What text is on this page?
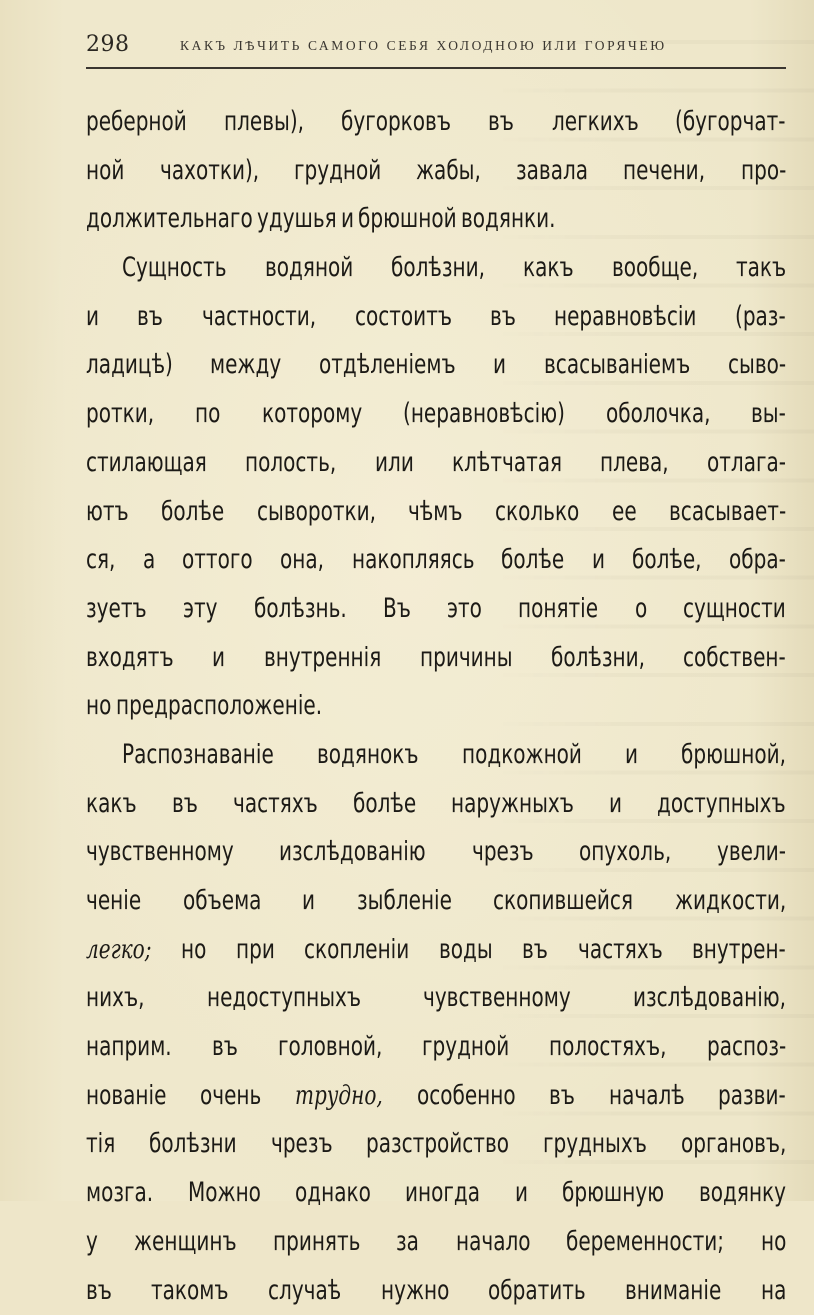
298	КАКЪ ЛѢЧИТЬ САМОГО СЕБЯ ХОЛОДНОЮ ИЛИ ГОРЯЧЕЮ
реберной плевы), бугорковъ въ легкихъ (бугорчат-
ной чахотки), грудной жабы, завала печени, про-
должительнаго
удушья
и
брюшной
водянки.
Сущность водяной болѣзни, какъ вообще, такъ
и въ частности, состоитъ въ неравновѣсіи (раз-
ладицѣ) между отдѣленіемъ и всасываніемъ сыво-
ротки, по которому (неравновѣсію) оболочка, вы-
стилающая полость, или клѣтчатая плева, отлага-
ютъ болѣе сыворотки, чѣмъ сколько ее всасывает-
ся, а оттого она, накопляясь болѣе и болѣе, обра-
зуетъ эту болѣзнь. Въ это понятіе о сущности
входятъ и внутреннія причины болѣзни, собствен-
но
предрасположеніе.
Распознаваніе водянокъ подкожной и брюшной,
какъ въ частяхъ болѣе наружныхъ и доступныхъ
чувственному изслѣдованію чрезъ опухоль, увели-
ченіе объема и зыбленіе скопившейся жидкости,
легко; но при скопленіи воды въ частяхъ внутрен-
нихъ, недоступныхъ чувственному изслѣдованію,
наприм. въ головной, грудной полостяхъ, распоз-
нованіе очень трудно, особенно въ началѣ разви-
тія болѣзни чрезъ разстройство грудныхъ органовъ,
мозга. Можно однако иногда и брюшную водянку
у женщинъ принять за начало беременности; но
въ такомъ случаѣ нужно обратить вниманіе на
